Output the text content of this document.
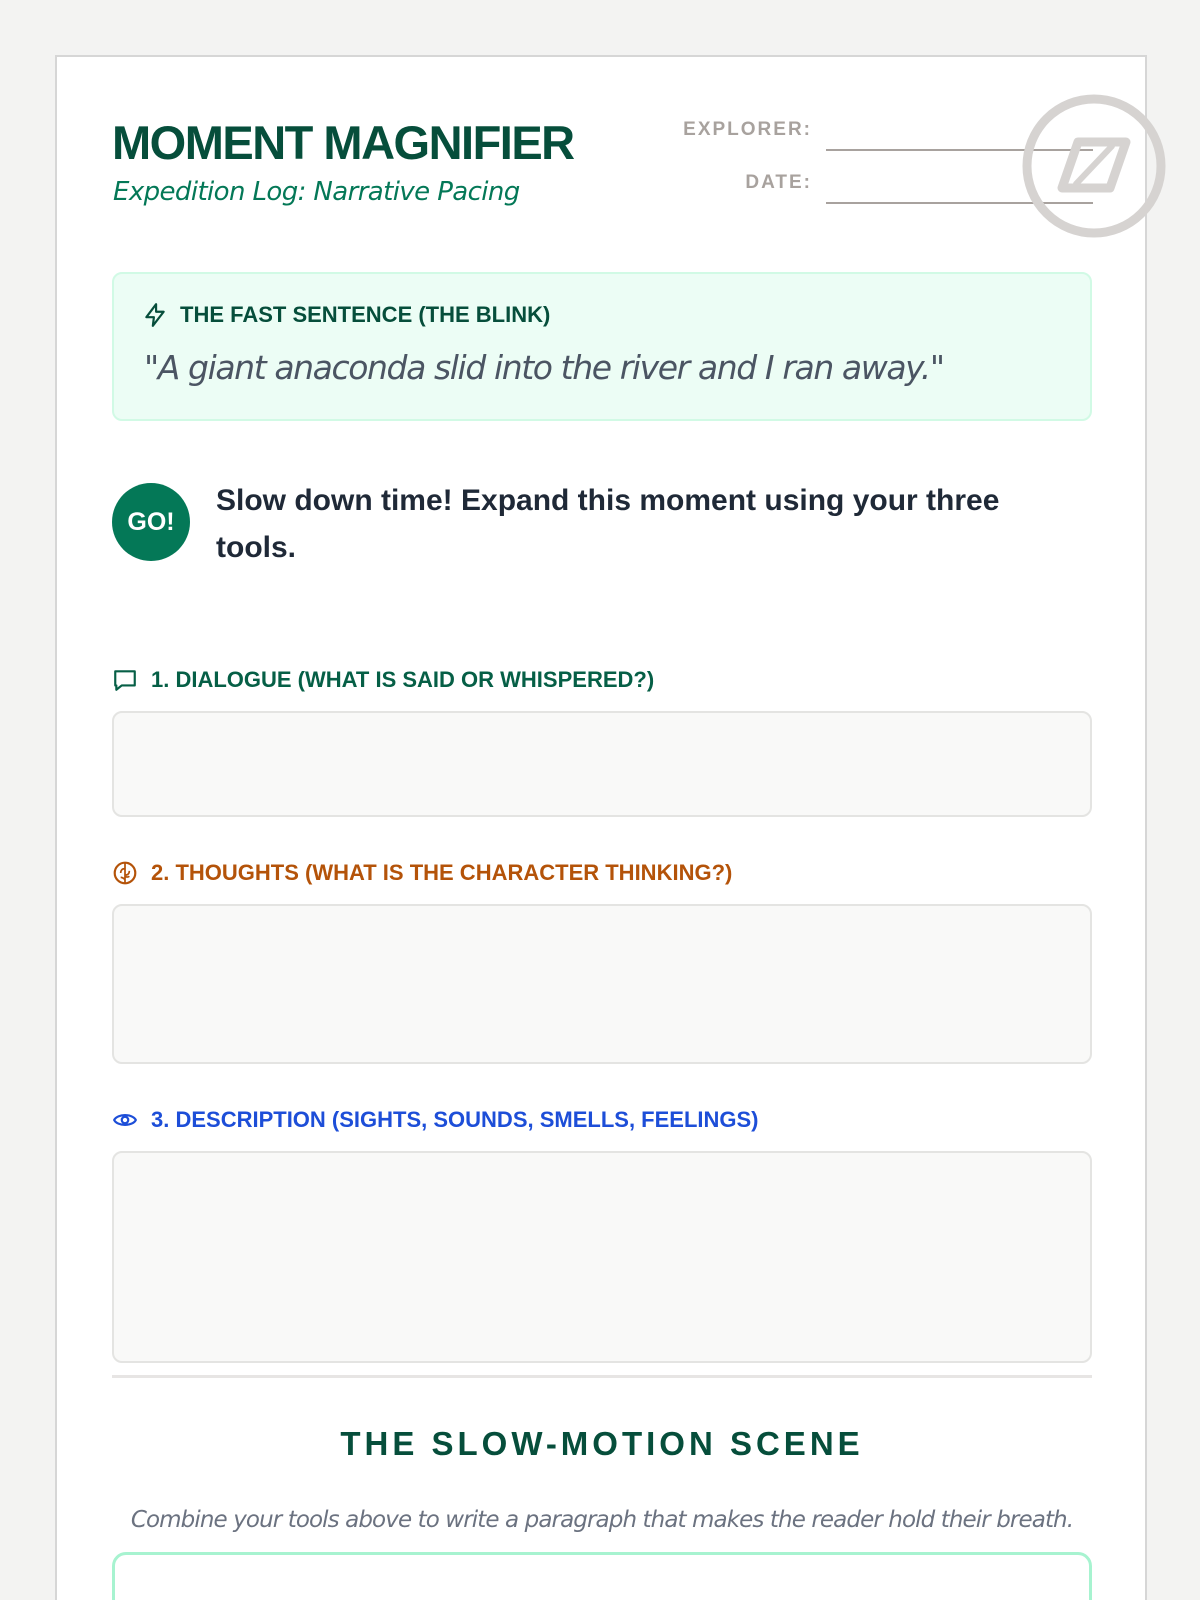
MOMENT MAGNIFIER
Expedition Log: Narrative Pacing
EXPLORER:
DATE:
THE FAST SENTENCE (THE BLINK)
"A giant anaconda slid into the river and I ran away."
GO!
Slow down time! Expand this moment using your three tools.
1. DIALOGUE (WHAT IS SAID OR WHISPERED?)
2. THOUGHTS (WHAT IS THE CHARACTER THINKING?)
3. DESCRIPTION (SIGHTS, SOUNDS, SMELLS, FEELINGS)
THE SLOW-MOTION SCENE
Combine your tools above to write a paragraph that makes the reader hold their breath.
